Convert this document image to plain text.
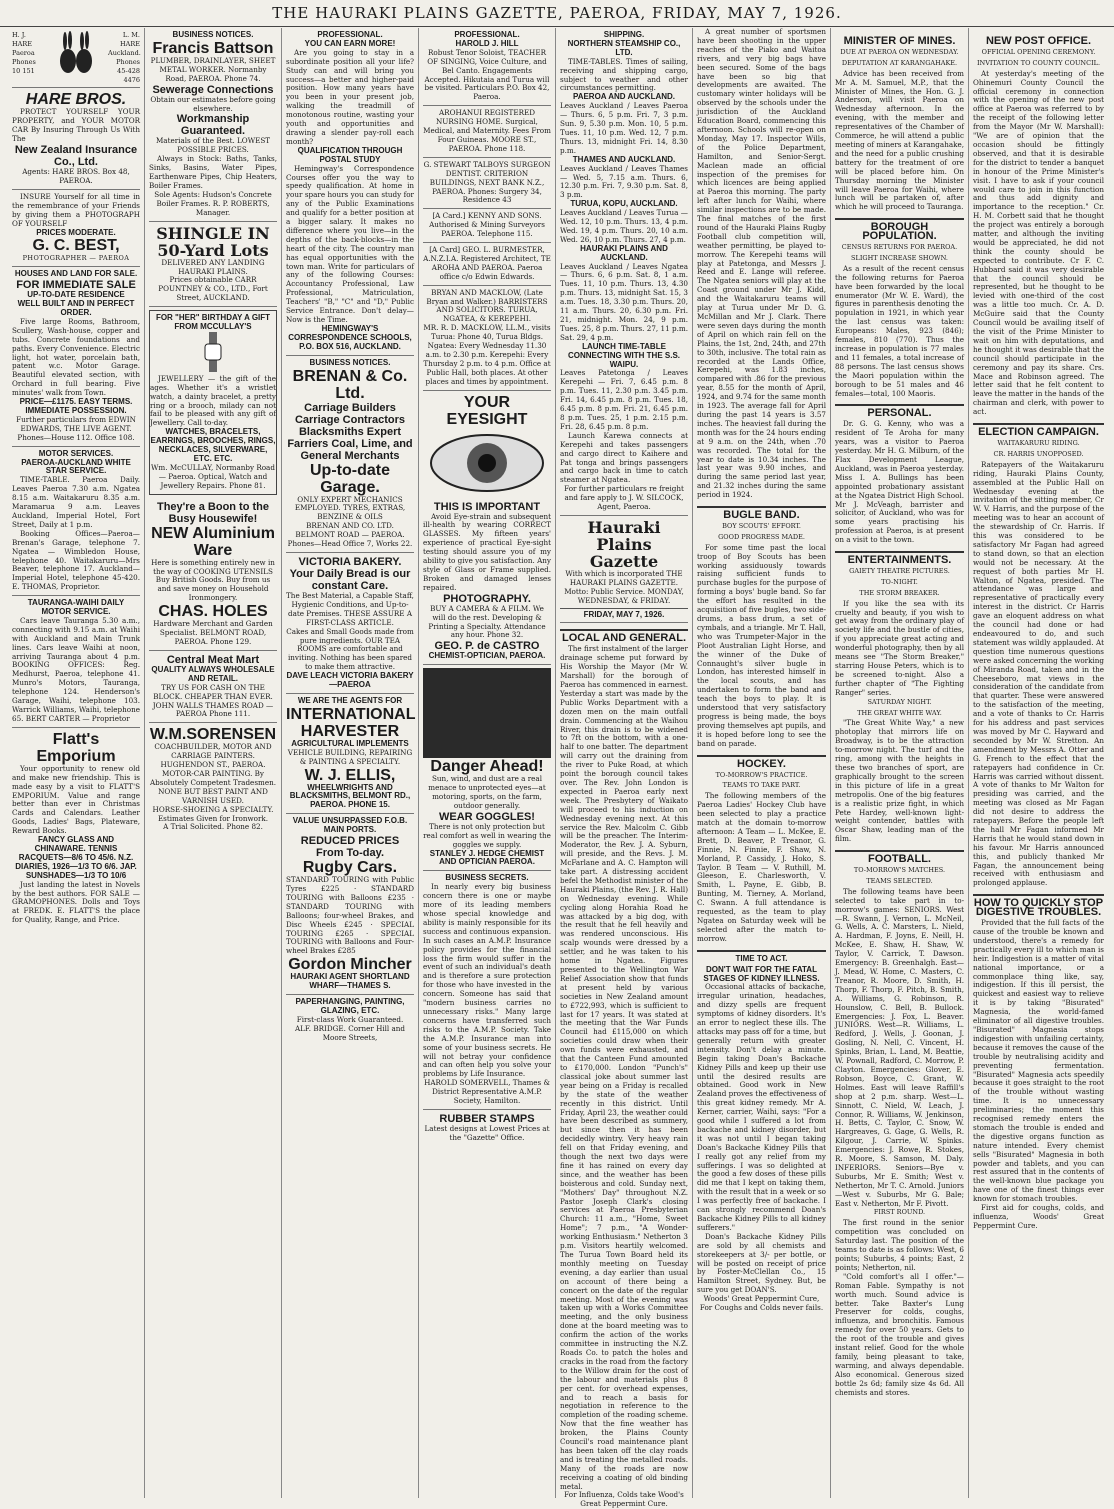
THE HAURAKI PLAINS GAZETTE, PAEROA, FRIDAY, MAY 7, 1926.
H. J. HARE Paeroa Phones 10 151
L. M. HARE Auckland. Phones 45-428 4476
HARE BROS.
PROTECT YOURSELF YOUR PROPERTY, and YOUR MOTOR CAR By Insuring Through Us With The
New Zealand Insurance Co., Ltd.
Agents: HARE BROS. Box 48, PAEROA.
INSURE Yourself for all time in the remembrance of your Friends by giving them a PHOTOGRAPH OF YOURSELF
PRICES MODERATE.
G. C. BEST,
PHOTOGRAPHER — PAEROA
HOUSES AND LAND FOR SALE.
FOR IMMEDIATE SALE
UP-TO-DATE RESIDENCE
WELL BUILT AND IN PERFECT ORDER.
Five large Rooms, Bathroom, Scullery, Wash-house, copper and tubs. Concrete foundations and paths. Every Convenience. Electric light, hot water, porcelain bath, patent w.c. Motor Garage. Beautiful elevated section, with Orchard in full bearing. Five minutes' walk from Town.
PRICE—£1175. EASY TERMS.
IMMEDIATE POSSESSION.
Further particulars from EDWIN EDWARDS, THE LIVE AGENT. Phones—House 112. Office 108.
MOTOR SERVICES.
PAEROA-AUCKLAND WHITE STAR SERVICE.
TIME-TABLE. Paeroa Daily. Leaves Paeroa 7.30 a.m. Ngatea 8.15 a.m. Waitakaruru 8.35 a.m. Maramarua 9 a.m. Leaves Auckland, Imperial Hotel, Fort Street, Daily at 1 p.m.
Booking Offices—Paeroa—Brenan's Garage, telephone 7. Ngatea — Wimbledon House, telephone 40. Waitakaruru—Mrs Beaver, telephone 17. Auckland—Imperial Hotel, telephone 45-420. E. THOMAS, Proprietor.
TAURANGA-WAIHI DAILY MOTOR SERVICE.
Cars leave Tauranga 5.30 a.m., connecting with 9.15 a.m. at Waihi with Auckland and Main Trunk lines. Cars leave Waihi at noon, arriving Tauranga about 4 p.m. BOOKING OFFICES: Reg. Medhurst, Paeroa, telephone 41. Munro's Motors, Tauranga, telephone 124. Henderson's Garage, Waihi, telephone 103. Warrick Williams, Waihi, telephone 65. BERT CARTER — Proprietor
Flatt's Emporium
Your opportunity to renew old and make new friendship. This is made easy by a visit to FLATT'S EMPORIUM. Value and range better than ever in Christmas Cards and Calendars. Leather Goods, Ladies' Bags, Plateware, Reward Books.
FANCY GLASS AND CHINAWARE. TENNIS RACQUETS—8/6 TO 45/6. N.Z. DIARIES, 1926—1/3 TO 6/6. JAP. SUNSHADES—1/3 TO 10/6
Just landing the latest in Novels by the best authors. FOR SALE — GRAMOPHONES. Dolls and Toys at FREDK. E. FLATT'S the place for Quality, Range, and Price.
BUSINESS NOTICES.
Francis Battson
PLUMBER, DRAINLAYER, SHEET METAL WORKER. Normanby Road, PAEROA. Phone 74.
Sewerage Connections
Obtain our estimates before going elsewhere.
Workmanship Guaranteed.
Materials of the Best. LOWEST POSSIBLE PRICES.
Always in Stock: Baths, Tanks, Sinks, Basins, Water Pipes, Earthenware Pipes, Chip Heaters, Boiler Frames.
Sole Agents: Hudson's Concrete Boiler Frames. R. P. ROBERTS, Manager.
SHINGLE IN 50-Yard Lots
DELIVERED ANY LANDING HAURAKI PLAINS.
Prices obtainable CARR POUNTNEY & CO., LTD., Fort Street, AUCKLAND.
FOR "HER" BIRTHDAY A GIFT FROM MCCULLAY'S
JEWELLERY — the gift of the ages. Whether it's a wristlet watch, a dainty bracelet, a pretty ring or a brooch, milady can not fail to be pleased with any gift of Jewellery. Call to-day.
WATCHES, BRACELETS, EARRINGS, BROOCHES, RINGS, NECKLACES, SILVERWARE, ETC. ETC.
Wm. McCULLAY, Normanby Road — Paeroa. Optical, Watch and Jewellery Repairs. Phone 81.
They're a Boon to the Busy Housewife!
NEW Aluminium Ware
Here is something entirely new in the way of COOKING UTENSILS
Buy British Goods. Buy from us and save money on Household Ironmongery.
CHAS. HOLES
Hardware Merchant and Garden Specialist. BELMONT ROAD, PAEROA. Phone 129.
Central Meat Mart
QUALITY ALWAYS WHOLESALE AND RETAIL.
TRY US FOR CASH ON THE BLOCK. CHEAPER THAN EVER.
JOHN WALLS THAMES ROAD — PAEROA Phone 111.
W.M.SORENSEN
COACHBUILDER, MOTOR AND CARRIAGE PAINTERS. HUGHENDON ST., PAEROA.
MOTOR-CAR PAINTING. By Absolutely Competent Tradesmen.
NONE BUT BEST PAINT AND VARNISH USED.
HORSE-SHOEING A SPECIALTY.
Estimates Given for Ironwork.
A Trial Solicited. Phone 82.
PROFESSIONAL.
YOU CAN EARN MORE!
Are you going to stay in a subordinate position all your life? Study can and will bring you success—a better and higher-paid position. How many years have you been in your present job, walking the treadmill of monotonous routine, wasting your youth and opportunities and drawing a slender pay-roll each month?
QUALIFICATION THROUGH POSTAL STUDY
Hemingway's Correspondence Courses offer you the way to speedy qualification. At home in your spare hours you can study for any of the Public Examinations and qualify for a better position at a bigger salary. It makes no difference where you live—in the depths of the back-blocks—in the heart of the city. The country man has equal opportunities with the town man. Write for particulars of any of the following Courses: Accountancy Professional, Law Professional, Matriculation, Teachers' "B," "C" and "D," Public Service Entrance. Don't delay—Now is the Time.
HEMINGWAY'S CORRESPONDENCE SCHOOLS, P.O. BOX 516, AUCKLAND.
BUSINESS NOTICES.
BRENAN & Co. Ltd.
Carriage Builders Carriage Contractors Blacksmiths Expert Farriers Coal, Lime, and General Merchants
Up-to-date Garage.
ONLY EXPERT MECHANICS EMPLOYED. TYRES, EXTRAS, BENZINE & OILS
BRENAN AND CO. LTD. BELMONT ROAD — PAEROA. Phones—Head Office 7, Works 22.
VICTORIA BAKERY.
Your Daily Bread is our constant Care.
The Best Material, a Capable Staff, Hygienic Conditions, and Up-to-date Premises. THESE ASSURE A FIRST-CLASS ARTICLE.
Cakes and Small Goods made from pure ingredients. OUR TEA ROOMS are comfortable and inviting. Nothing has been spared to make them attractive.
DAVE LEACH VICTORIA BAKERY—PAEROA
WE ARE THE AGENTS FOR
INTERNATIONAL HARVESTER
AGRICULTURAL IMPLEMENTS
VEHICLE BUILDING, REPAIRING & PAINTING A SPECIALTY.
W. J. ELLIS,
WHEELWRIGHTS AND BLACKSMITHS, BELMONT RD., PAEROA. PHONE 15.
VALUE UNSURPASSED F.O.B. MAIN PORTS.
REDUCED PRICES From To-day.
Rugby Cars.
STANDARD TOURING with Public Tyres £225 · STANDARD TOURING with Balloons £235 · STANDARD TOURING with Balloons; four-wheel Brakes, and Disc Wheels £245 · SPECIAL TOURING £265 · SPECIAL TOURING with Balloons and Four-wheel Brakes £285
Gordon Mincher
HAURAKI AGENT SHORTLAND WHARF—THAMES S.
PAPERHANGING, PAINTING, GLAZING, ETC.
First-class Work Guaranteed.
ALF. BRIDGE. Corner Hill and Moore Streets,
PROFESSIONAL.
HAROLD J. HILL
Robust Tenor Soloist, TEACHER OF SINGING, Voice Culture, and Bel Canto. Engagements Accepted. Hikutaia and Turua will be visited. Particulars P.O. Box 42, Paeroa.
AROHANUI REGISTERED NURSING HOME. Surgical, Medical, and Maternity. Fees From Four Guineas. MOORE ST., PAEROA. Phone 118.
G. STEWART TALBOYS SURGEON DENTIST. CRITERION BUILDINGS, NEXT BANK N.Z., PAEROA. Phones: Surgery 34, Residence 43
[A Card.] KENNY AND SONS. Authorised & Mining Surveyors PAEROA. Telephone 115.
[A Card] GEO. L. BURMESTER, A.N.Z.I.A. Registered Architect, TE AROHA AND PAEROA. Paeroa office c/o Edwin Edwards.
BRYAN AND MACKLOW, (Late Bryan and Walker.) BARRISTERS AND SOLICITORS. TURUA, NGATEA, & KEREPEHI.
MR. R. D. MACKLOW, LL.M., visits Turua: Phone 40, Turua Bldgs. Ngatea: Every Wednesday 11.30 a.m. to 2.30 p.m. Kerepehi: Every Thursday 2 p.m. to 4 p.m. Office at Public Hall, both places. At other places and times by appointment.
YOUR EYESIGHT
THIS IS IMPORTANT
Avoid Eye-strain and subsequent ill-health by wearing CORRECT GLASSES. My fifteen years' experience of practical Eye-sight testing should assure you of my ability to give you satisfaction. Any style of Glass or Frame supplied. Broken and damaged lenses repaired.
PHOTOGRAPHY.
BUY A CAMERA & A FILM. We will do the rest. Developing & Printing a Specialty. Attendance any hour. Phone 32.
GEO. P. de CASTRO
CHEMIST-OPTICIAN, PAEROA.
Danger Ahead!
Sun, wind, and dust are a real menace to unprotected eyes—at motoring, sports, on the farm, outdoor generally.
WEAR GOGGLES!
There is not only protection but real comfort as well in wearing the goggles we supply.
STANLEY J. HEDGE CHEMIST AND OPTICIAN PAEROA.
BUSINESS SECRETS.
In nearly every big business concern there is one or maybe more of its leading members whose special knowledge and ability is mainly responsible for its success and continuous expansion. In such cases an A.M.P. Insurance policy provides for the financial loss the firm would suffer in the event of such an individual's death and is therefore a sure protection for those who have invested in the concern. Someone has said that "modern business carries no unnecessary risks." Many large concerns have transferred such risks to the A.M.P. Society. Take the A.M.P. Insurance man into some of your business secrets. He will not betray your confidence and can often help you solve your problems by Life Insurance.
HAROLD SOMERVELL, Thames & District Representative A.M.P. Society, Hamilton.
RUBBER STAMPS
Latest designs at Lowest Prices at the "Gazette" Office.
SHIPPING.
NORTHERN STEAMSHIP CO., LTD.
TIME-TABLES. Times of sailing, receiving and shipping cargo, subject to weather and other circumstances permitting.
PAEROA AND AUCKLAND.
Leaves Auckland / Leaves Paeroa — Thurs. 6, 5 p.m. Fri. 7, 3 p.m. Sun. 9, 5.30 p.m. Mon. 10, 5 p.m. Tues. 11, 10 p.m. Wed. 12, 7 p.m. Thurs. 13, midnight Fri. 14, 8.30 p.m.
THAMES AND AUCKLAND.
Leaves Auckland / Leaves Thames — Wed. 5, 7.15 a.m. Thurs. 6, 12.30 p.m. Fri. 7, 9.30 p.m. Sat. 8, 3 p.m.
TURUA, KOPU, AUCKLAND.
Leaves Auckland / Leaves Turua — Wed. 12, 10 p.m. Thurs. 13, 4 p.m. Wed. 19, 4 p.m. Thurs. 20, 10 a.m. Wed. 26, 10 p.m. Thurs. 27, 4 p.m.
HAURAKI PLAINS AND AUCKLAND.
Leaves Auckland / Leaves Ngatea — Thurs. 6, 6 p.m. Sat. 8, 1 a.m. Tues. 11, 10 p.m. Thurs. 13, 4.30 p.m. Thurs. 13, midnight Sat. 15, 3 a.m. Tues. 18, 3.30 p.m. Thurs. 20, 11 a.m. Thurs. 20, 6.30 p.m. Fri. 21, midnight. Mon. 24, 9 p.m. Tues. 25, 8 p.m. Thurs. 27, 11 p.m. Sat. 29, 4 p.m.
LAUNCH TIME-TABLE CONNECTING WITH THE S.S. WAIPU.
Leaves Patetonga / Leaves Kerepehi — Fri. 7, 6.45 p.m. 8 p.m. Tues. 11, 2.30 p.m. 3.45 p.m. Fri. 14, 6.45 p.m. 8 p.m. Tues. 18, 6.45 p.m. 8 p.m. Fri. 21, 6.45 p.m. 8 p.m. Tues. 25, 1 p.m. 2.15 p.m. Fri. 28, 6.45 p.m. 8 p.m.
Launch Karewa connects at Kerepehi and takes passengers and cargo direct to Kaihere and Pat tonga and brings passengers and cargo back in time to catch steamer at Ngatea.
For further particulars re freight and fare apply to J. W. SILCOCK, Agent, Paeroa.
Hauraki Plains Gazette
With which is incorporated THE HAURAKI PLAINS GAZETTE. Motto: Public Service. MONDAY, WEDNESDAY, & FRIDAY.
FRIDAY, MAY 7, 1926.
LOCAL AND GENERAL.
The first instalment of the larger drainage scheme put forward by His Worship the Mayor (Mr W. Marshall) for the borough of Paeroa has commenced in earnest. Yesterday a start was made by the Public Works Department with a dozen men on the main outfall drain. Commencing at the Waihou River, this drain is to be widened to 7ft on the bottom, with a one-half to one batter. The department will carry out the draining from the river to Puke Road, at which point the borough council takes over. The Rev. John London is expected in Paeroa early next week. The Presbytery of Waikato will proceed to his induction on Wednesday evening next. At this service the Rev. Malcolm C. Gibb will be the preacher. The Interim-Moderator, the Rev. J. A. Syburn, will preside, and the Revs. J. M. McFarlane and A. C. Hampton will take part. A distressing accident befel the Methodist minister of the Hauraki Plains, (the Rev. J. R. Hall) on Wednesday evening. While cycling along Horahia Road he was attacked by a big dog, with the result that he fell heavily and was rendered unconscious. His scalp wounds were dressed by a settler, and he was taken to his home in Ngatea. Figures presented to the Wellington War Relief Association show that funds at present held by various societies in New Zealand amount to £722,993, which is sufficient to last for 17 years. It was stated at the meeting that the War Funds Council had £115,000 on which societies could draw when their own funds were exhausted, and that the Canteen Fund amounted to £170,000. London "Punch's" classical joke about summer last year being on a Friday is recalled by the state of the weather recently in this district. Until Friday, April 23, the weather could have been described as summery, but since then it has been decidedly wintry. Very heavy rain fell on that Friday evening, and though the next two days were fine it has rained on every day since, and the weather has been boisterous and cold. Sunday next, "Mothers' Day" throughout N.Z. Pastor Joseph Clark's closing services at Paeroa Presbyterian Church: 11 a.m., "Home, Sweet Home"; 7 p.m., "A Wonder-working Enthusiasm." Netherton 3 p.m. Visitors heartily welcomed. The Turua Town Board held its monthly meeting on Tuesday evening, a day earlier than usual on account of there being a concert on the date of the regular meeting. Most of the evening was taken up with a Works Committee meeting, and the only business done at the board meeting was to confirm the action of the works committee in instructing the N.Z. Roads Co. to patch the holes and cracks in the road from the factory to the Willow drain for the cost of the labour and materials plus 8 per cent. for overhead expenses, and to reach a basis for negotiation in reference to the completion of the roading scheme. Now that the fine weather has broken, the Plains County Council's road maintenance plant has been taken off the clay roads and is treating the metalled roads. Many of the roads are now receiving a coating of old binding metal.
For Influenza, Colds take Wood's Great Peppermint Cure.
A great number of sportsmen have been shooting in the upper reaches of the Piako and Waitoa rivers, and very big bags have been secured. Some of the bags have been so big that developments are awaited. The customary winter holidays will be observed by the schools under the jurisdiction of the Auckland Education Board, commencing this afternoon. Schools will re-open on Monday, May 17. Inspector Wills, of the Police Department, Hamilton, and Senior-Sergt. Maclean made an official inspection of the premises for which licences are being applied at Paeroa this morning. The party left after lunch for Waihi, where similar inspections are to be made. The final matches of the first round of the Hauraki Plains Rugby Football club competition will, weather permitting, be played to-morrow. The Kerepehi teams will play at Patetonga, and Messrs J. Reed and E. Lange will referee. The Ngatea seniors will play at the Coast ground under Mr J. Kidd, and the Waitakaruru teams will play at Turua under Mr D. G. McMillan and Mr J. Clark. There were seven days during the month of April on which rain fell on the Plains, the 1st, 2nd, 24th, and 27th to 30th, inclusive. The total rain as recorded at the Lands Office, Kerepehi, was 1.83 inches, compared with .86 for the previous year, 8.55 for the month of April, 1924, and 9.74 for the same month in 1923. The average fall for April during the past 14 years is 3.57 inches. The heaviest fall during the month was for the 24 hours ending at 9 a.m. on the 24th, when .70 was recorded. The total for the year to date is 10.34 inches. The last year was 9.90 inches, and during the same period last year, and 21.32 inches during the same period in 1924.
BUGLE BAND.
BOY SCOUTS' EFFORT.
GOOD PROGRESS MADE.
For some time past the local troop of Boy Scouts has been working assiduously towards raising sufficient funds to purchase bugles for the purpose of forming a boys' bugle band. So far the effort has resulted in the acquisition of five bugles, two side-drums, a bass drum, a set of cymbals, and a triangle. Mr T. Hall, who was Trumpeter-Major in the Ploot Australian Light Horse, and the winner of the Duke of Connaught's silver bugle in London, has interested himself in the local scouts, and has undertaken to form the band and teach the boys to play. It is understood that very satisfactory progress is being made, the boys proving themselves apt pupils, and it is hoped before long to see the band on parade.
HOCKEY.
TO-MORROW'S PRACTICE.
TEAMS TO TAKE PART.
The following members of the Paeroa Ladies' Hockey Club have been selected to play a practice match at the domain to-morrow afternoon: A Team — L. McKee, E. Brett, D. Beaver, P. Treanor, G. Finnie, N. Finnie, F. Shaw, N. Morland, P. Cassidy, J. Hoko, S. Taylor. B Team — V. Ruthill, M. Gleeson, E. Charlesworth, V. Smith, L. Payne, E. Gibb, B. Bunting, M. Tierney, A. Morland, C. Swann. A full attendance is requested, as the team to play Ngatea on Saturday week will be selected after the match to-morrow.
TIME TO ACT.
DON'T WAIT FOR THE FATAL STAGES OF KIDNEY ILLNESS.
Occasional attacks of backache, irregular urination, headaches, and dizzy spells are frequent symptoms of kidney disorders. It's an error to neglect these ills. The attacks may pass off for a time, but generally return with greater intensity. Don't delay a minute. Begin taking Doan's Backache Kidney Pills and keep up their use until the desired results are obtained. Good work in New Zealand proves the effectiveness of this great kidney remedy. Mr A. Kerner, carrier, Waihi, says: "For a good while I suffered a lot from backache and kidney disorder, but it was not until I began taking Doan's Backache Kidney Pills that I really got any relief from my sufferings. I was so delighted at the good a few doses of these pills did me that I kept on taking them, with the result that in a week or so I was perfectly free of backache. I can strongly recommend Doan's Backache Kidney Pills to all kidney sufferers."
Doan's Backache Kidney Pills are sold by all chemists and storekeepers at 3/- per bottle, or will be posted on receipt of price by Foster-McClellan Co., 15 Hamilton Street, Sydney. But, be sure you get DOAN'S.
Woods' Great Peppermint Cure, For Coughs and Colds never fails.
MINISTER OF MINES.
DUE AT PAEROA ON WEDNESDAY.
DEPUTATION AT KARANGAHAKE.
Advice has been received from Mr A. M. Samuel, M.P., that the Minister of Mines, the Hon. G. J. Anderson, will visit Paeroa on Wednesday afternoon. In the evening, with the member and representatives of the Chamber of Commerce, he will attend a public meeting of miners at Karangahake, and the need for a public crushing battery for the treatment of ore will be placed before him. On Thursday morning the Minister will leave Paeroa for Waihi, where lunch will be partaken of, after which he will proceed to Tauranga.
BOROUGH POPULATION.
CENSUS RETURNS FOR PAEROA.
SLIGHT INCREASE SHOWN.
As a result of the recent census the following returns for Paeroa have been forwarded by the local enumerator (Mr W. E. Ward), the figures in parenthesis denoting the population in 1921, in which year the last census was taken: Europeans: Males, 923 (846); females, 810 (770). Thus the increase in population is 77 males and 11 females, a total increase of 88 persons. The last census shows the Maori population within the borough to be 51 males and 46 females—total, 100 Maoris.
PERSONAL.
Dr. G. G. Kenny, who was a resident of Te Aroha for many years, was a visitor to Paeroa yesterday. Mr H. G. Milburn, of the Flax Development League, Auckland, was in Paeroa yesterday. Miss I. A. Bullings has been appointed probationary assistant at the Ngatea District High School. Mr J. McVeagh, barrister and solicitor, of Auckland, who was for some years practising his profession at Paeroa, is at present on a visit to the town.
ENTERTAINMENTS.
GAIETY THEATRE PICTURES.
TO-NIGHT.
THE STORM BREAKER.
If you like the sea with its cruelty and beauty, if you wish to get away from the ordinary play of society life and the bustle of cities, if you appreciate great acting and wonderful photography, then by all means see "The Storm Breaker," starring House Peters, which is to be screened to-night. Also a further chapter of "The Fighting Ranger" series.
SATURDAY NIGHT.
THE GREAT WHITE WAY.
"The Great White Way," a new photoplay that mirrors life on Broadway, is to be the attraction to-morrow night. The turf and the ring, among with the heights in these two branches of sport, are graphically brought to the screen in this picture of life in a great metropolis. One of the big features is a realistic prize fight, in which Pete Hardey, well-known light-weight contender, battles with Oscar Shaw, leading man of the film.
FOOTBALL.
TO-MORROW'S MATCHES.
TEAMS SELECTED.
The following teams have been selected to take part in to-morrow's games: SENIORS. West—R. Swann, J. Vernon, L. McNeil, G. Wells, A. C. Marsters, L. Nield, A. Hardman, F. Joyns, E. Neill, H. McKee, E. Shaw, H. Shaw, W. Taylor, V. Carrick, T. Dawson. Emergency: B. Greenhalgh. East—J. Mead, W. Home, C. Masters, C. Treanor, R. Moore, D. Smith, H. Thorp, F. Thorp, F. Pitch, B. Smith, A. Williams, G. Robinson, R. Hounslow, C. Bell, B. Bullock. Emergencies: J. Fox, L. Beaver. JUNIORS. West—R. Williams, L. Redford, J. Wells, J. Goonan, J. Gosling, N. Nell, C. Vincent, H. Spinks, Brian, L. Land, M. Beattie, W. Pownall, Radford, C. Morrow, P. Clayton. Emergencies: Glover, E. Robson, Boyce, C. Grant, W. Holmes. East will leave Raffill's shop at 2 p.m. sharp. West—L. Sinnott, C. Nield, W. Leach, J. Connor, R. Williams, W. Jenkinson, H. Betts, C. Taylor, C. Snow, W. Hargreaves, G. Gage, G. Wells, R. Kilgour, J. Carrie, W. Spinks. Emergencies: J. Rowe, R. Stokes, R. Moore, S. Samson, M. Daly. INFERIORS. Seniors—Bye v. Suburbs, Mr E. Smith; West v. Netherton, Mr T. C. Arnold. Juniors—West v. Suburbs, Mr G. Bale; East v. Netherton, Mr F. Pivott.
FIRST ROUND.
The first round in the senior competition was concluded on Saturday last. The position of the teams to date is as follows: West, 6 points; Suburbs, 4 points; East, 2 points; Netherton, nil.
"Cold comfort's all I offer."—Roman Fable. Sympathy is not worth much. Sound advice is better. Take Baxter's Lung Preserver for colds, coughs, influenza, and bronchitis. Famous remedy for over 50 years. Gets to the root of the trouble and gives instant relief. Good for the whole family, being pleasant to take, warming, and always dependable. Also economical. Generous sized bottle 2s 6d; family size 4s 6d. All chemists and stores.
NEW POST OFFICE.
OFFICIAL OPENING CEREMONY.
INVITATION TO COUNTY COUNCIL.
At yesterday's meeting of the Ohinemuri County Council the official ceremony in connection with the opening of the new post office at Paeroa was referred to by the receipt of the following letter from the Mayor (Mr W. Marshall): "We are of opinion that the occasion should be fittingly observed, and that it is desirable for the district to tender a banquet in honour of the Prime Minister's visit. I have to ask if your council would care to join in this function and thus add dignity and importance to the reception." Cr. H. M. Corbett said that he thought the project was entirely a borough matter, and although the inviting would be appreciated, he did not think the county should be expected to contribute. Cr F. C. Hubbard said it was very desirable that the council should be represented, but he thought to be levied with one-third of the cost was a little too much. Cr. A. D. McGuire said that the County Council would be availing itself of the visit of the Prime Minister to wait on him with deputations, and he thought it was desirable that the council should participate in the ceremony and pay its share. Crs. Mace and Robinson agreed. The letter said that he felt content to leave the matter in the hands of the chairman and clerk, with power to act.
ELECTION CAMPAIGN.
WAITAKARURU RIDING.
CR. HARRIS UNOPPOSED.
Ratepayers of the Waitakaruru riding, Hauraki Plains County, assembled at the Public Hall on Wednesday evening at the invitation of the sitting member, Cr W. V. Harris, and the purpose of the meeting was to hear an account of the stewardship of Cr. Harris. If this was considered to be satisfactory Mr Fagan had agreed to stand down, so that an election would not be necessary. At the request of both parties Mr H. Walton, of Ngatea, presided. The attendance was large and representative of practically every interest in the district. Cr Harris gave an eloquent address on what the council had done or had endeavoured to do, and such statement was wildly applauded. At question time numerous questions were asked concerning the working of Miranda Road, taken and in the Cheeseboro, mat views in the consideration of the candidate from that quarter. These were answered to the satisfaction of the meeting, and a vote of thanks to Cr. Harris for his address and past services was moved by Mr C. Hayward and seconded by Mr W. Stretton. An amendment by Messrs A. Otter and G. French to the effect that the ratepayers had confidence in Cr. Harris was carried without dissent. A vote of thanks to Mr Walton for presiding was carried, and the meeting was closed as Mr Fagan did not desire to address the ratepayers. Before the people left the hall Mr Fagan informed Mr Harris that he would stand down in his favour. Mr Harris announced this, and publicly thanked Mr Fagan, the announcement being received with enthusiasm and prolonged applause.
HOW TO QUICKLY STOP DIGESTIVE TROUBLES.
Provided that the full facts of the cause of the trouble be known and understood, there's a remedy for practically every ill to which man is heir. Indigestion is a matter of vital national importance, or a commonplace thing like, say, indigestion. If this ill persist, the quickest and easiest way to relieve it is by taking "Bisurated" Magnesia, the world-famed eliminator of all digestive troubles. "Bisurated" Magnesia stops indigestion with unfailing certainty, because it removes the cause of the trouble by neutralising acidity and preventing fermentation. "Bisurated" Magnesia acts speedily because it goes straight to the root of the trouble without wasting time. It is no unnecessary preliminaries; the moment this recognised remedy enters the stomach the trouble is ended and the digestive organs function as nature intended. Every chemist sells "Bisurated" Magnesia in both powder and tablets, and you can rest assured that in the contents of the well-known blue package you have one of the finest things ever known for stomach troubles.
First aid for coughs, colds, and influenza, Woods' Great Peppermint Cure.
